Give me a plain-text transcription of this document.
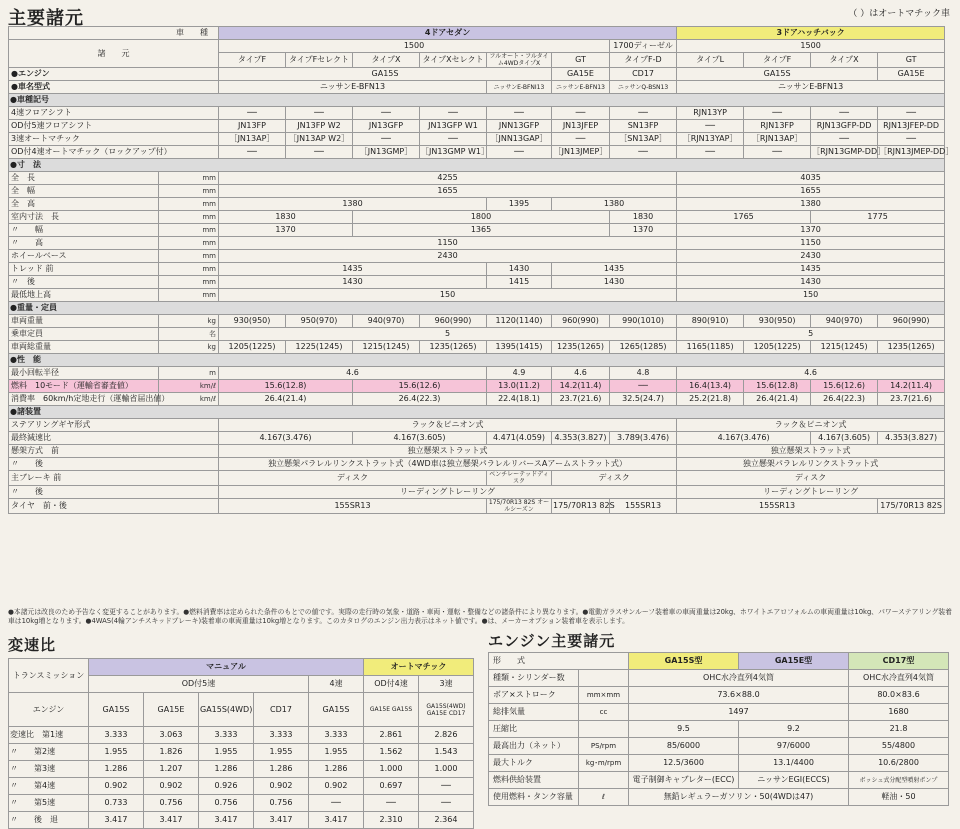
主要諸元	（ ）はオートマチック車
車　　種		4ドアセダン							3ドアハッチバック			
諸　　元		1500						1700ディーゼル	1500			
		タイプF	タイプFセレクト	タイプX	タイプXセレクト	フルオート・フルタイム4WDタイプX	GT	タイプF-D	タイプL	タイプF	タイプX	GT
●エンジン		GA15S					GA15E	CD17	GA15S			GA15E
●車名型式		ニッサンE-BFN13				ニッサンE-BFNI13	ニッサンE-BFN13	ニッサンQ-BSN13	ニッサンE-BFN13			
●車種記号												
4速フロアシフト		──	──	──	──	──	──	──	RJN13YP	──	──	──
OD付5速フロアシフト		JN13FP	JN13FP W2	JN13GFP	JN13GFP W1	JNN13GFP	JN13JFEP	SN13FP	──	RJN13FP	RJN13GFP-DD	RJN13JFEP-DD
3速オートマチック		［JN13AP］	［JN13AP W2］	──	──	［JNN13GAP］	──	［SN13AP］	［RJN13YAP］	［RJN13AP］	──	──
OD付4速オートマチック（ロックアップ付）		──	──	［JN13GMP］	［JN13GMP W1］	──	［JN13JMEP］	──	──	──	［RJN13GMP-DD］	［RJN13JMEP-DD］
●寸　法												
全　長	mm	4255							4035			
全　幅	mm	1655							1655			
全　高	mm	1380				1395	1380		1380			
室内寸法　長	mm	1830		1800				1830	1765		1775	
〃　　幅	mm	1370		1365				1370	1370			
〃　　高	mm	1150							1150			
ホイールベース	mm	2430							2430			
トレッド 前	mm	1435				1430	1435		1435			
〃　後	mm	1430				1415	1430		1430			
最低地上高	mm	150							150			
●重量・定員												
車両重量	kg	930(950)	950(970)	940(970)	960(990)	1120(1140)	960(990)	990(1010)	890(910)	930(950)	940(970)	960(990)
乗車定員	名	5							5			
車両総重量	kg	1205(1225)	1225(1245)	1215(1245)	1235(1265)	1395(1415)	1235(1265)	1265(1285)	1165(1185)	1205(1225)	1215(1245)	1235(1265)
●性　能												
最小回転半径	m	4.6				4.9	4.6	4.8	4.6			
燃料　10モード（運輸省審査値）	km/ℓ	15.6(12.8)		15.6(12.6)		13.0(11.2)	14.2(11.4)	──	16.4(13.4)	15.6(12.8)	15.6(12.6)	14.2(11.4)
消費率　60km/h定地走行（運輸省届出値）	km/ℓ	26.4(21.4)		26.4(22.3)		22.4(18.1)	23.7(21.6)	32.5(24.7)	25.2(21.8)	26.4(21.4)	26.4(22.3)	23.7(21.6)
●諸装置												
ステアリングギヤ形式		ラック＆ピニオン式							ラック＆ピニオン式			
最終減速比		4.167(3.476)		4.167(3.605)		4.471(4.059)	4.353(3.827)	3.789(3.476)	4.167(3.476)		4.167(3.605)	4.353(3.827)
懸架方式　前		独立懸架ストラット式							独立懸架ストラット式			
〃　　後		独立懸架パラレルリンクストラット式（4WD車は独立懸架パラレルリバースAアームストラット式）							独立懸架パラレルリンクストラット式			
主ブレーキ 前		ディスク				ベンチレーテッドディスク	ディスク		ディスク			
〃　　後		リーディングトレーリング							リーディングトレーリング			
タイヤ　前・後		155SR13				175/70R13 82S オールシーズン	175/70R13 82S	155SR13	155SR13			175/70R13 82S
●本諸元は改良のため予告なく変更することがあります。●燃料消費率は定められた条件のもとでの値です。実際の走行時の気象・道路・車両・運転・整備などの諸条件により異なります。●電動ガラスサンルーフ装着車の車両重量は20kg、ホワイトエアロフォルムの車両重量は10kg、パワーステアリング装着車は10kg増となります。●4WAS(4輪アンチスキッドブレーキ)装着車の車両重量は10kg増となります。このカタログのエンジン出力表示はネット値です。●は、メーカーオプション装着車を表示します。
変速比
トランスミッション	マニュアル					オートマチック	
	OD付5速				4速	OD付4速	3速
エンジン	GA15S	GA15E	GA15S(4WD)	CD17	GA15S	GA15E GA15S	GA15S(4WD) GA15E CD17
変速比　第1速	3.333	3.063	3.333	3.333	3.333	2.861	2.826
〃　　第2速	1.955	1.826	1.955	1.955	1.955	1.562	1.543
〃　　第3速	1.286	1.207	1.286	1.286	1.286	1.000	1.000
〃　　第4速	0.902	0.902	0.926	0.902	0.902	0.697	──
〃　　第5速	0.733	0.756	0.756	0.756	──	──	──
〃　　後　退	3.417	3.417	3.417	3.417	3.417	2.310	2.364
エンジン主要諸元
形　　式		GA15S型	GA15E型	CD17型
種類・シリンダー数		OHC水冷直列4気筒		OHC水冷直列4気筒
ボア×ストローク	mm×mm	73.6×88.0		80.0×83.6
総排気量	cc	1497		1680
圧縮比		9.5	9.2	21.8
最高出力（ネット）	PS/rpm	85/6000	97/6000	55/4800
最大トルク	kg･m/rpm	12.5/3600	13.1/4400	10.6/2800
燃料供給装置		電子制御キャブレター(ECC)	ニッサンEGI(ECCS)	ボッシュ式分配型噴射ポンプ
使用燃料・タンク容量	ℓ	無鉛レギュラーガソリン・50(4WDは47)		軽油・50
